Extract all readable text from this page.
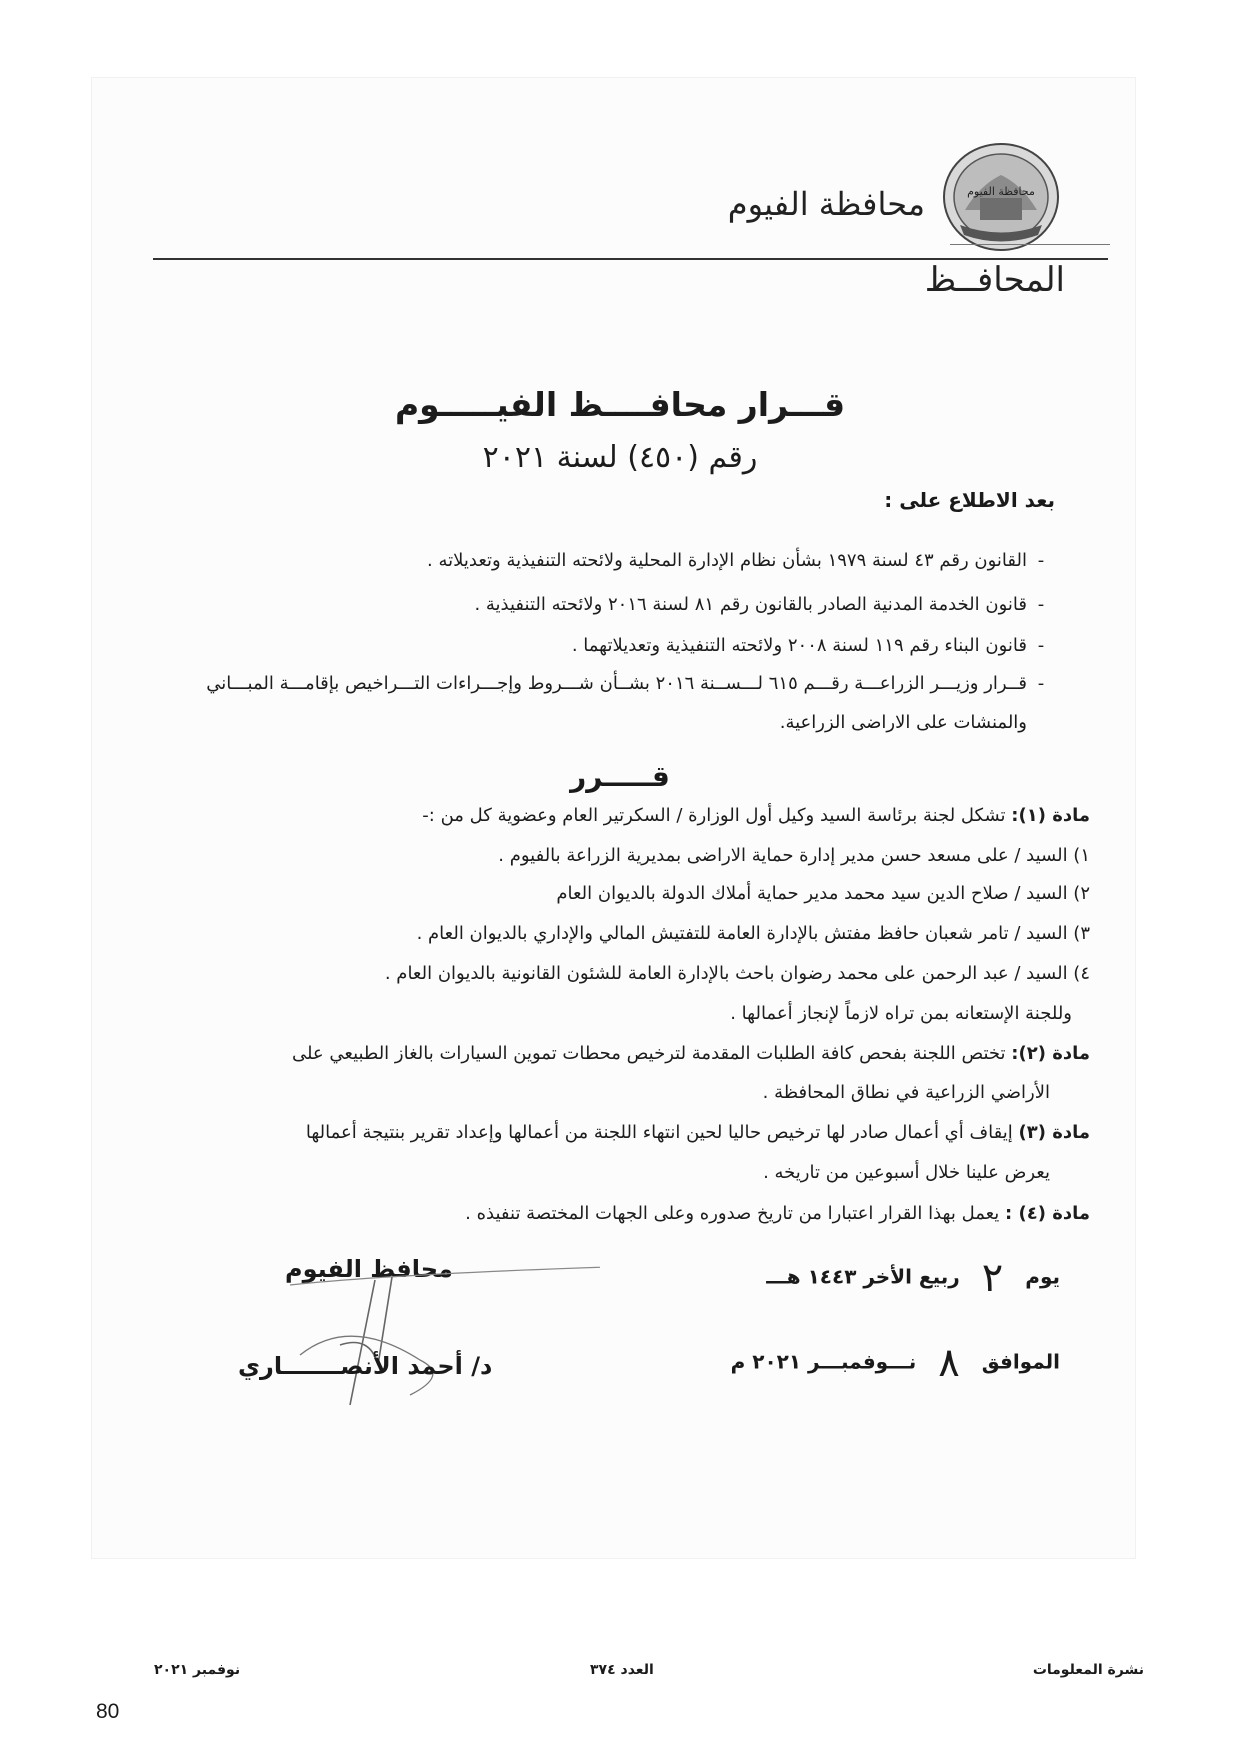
محافظة الفيوم
محافظة الفيوم
المحافــظ
قـــرار محافــــظ الفيـــــوم
رقم (٤٥٠) لسنة ٢٠٢١
بعد الاطلاع على :
-القانون رقم ٤٣ لسنة ١٩٧٩ بشأن نظام الإدارة المحلية ولائحته التنفيذية وتعديلاته .
-قانون الخدمة المدنية الصادر بالقانون رقم ٨١ لسنة ٢٠١٦ ولائحته التنفيذية .
-قانون البناء رقم ١١٩ لسنة ٢٠٠٨ ولائحته التنفيذية وتعديلاتهما .
-قــرار وزيـــر الزراعـــة رقـــم ٦١٥ لـــســنة ٢٠١٦ بشــأن شـــروط وإجـــراءات التـــراخيص بإقامـــة المبـــاني
والمنشات على الاراضى الزراعية.
قـــــرر
مادة (١): تشكل لجنة برئاسة السيد وكيل أول الوزارة / السكرتير العام وعضوية كل من :-
١) السيد / على مسعد حسن مدير إدارة حماية الاراضى بمديرية الزراعة بالفيوم .
٢) السيد / صلاح الدين سيد محمد مدير حماية أملاك الدولة بالديوان العام
٣) السيد / تامر شعبان حافظ مفتش بالإدارة العامة للتفتيش المالي والإداري بالديوان العام .
٤) السيد / عبد الرحمن على محمد رضوان باحث بالإدارة العامة للشئون القانونية بالديوان العام .
وللجنة الإستعانه بمن تراه لازماً لإنجاز أعمالها .
مادة (٢): تختص اللجنة بفحص كافة الطلبات المقدمة لترخيص محطات تموين السيارات بالغاز الطبيعي على
الأراضي الزراعية في نطاق المحافظة .
مادة (٣) إيقاف أي أعمال صادر لها ترخيص حاليا لحين انتهاء اللجنة من أعمالها وإعداد تقرير بنتيجة أعمالها
يعرض علينا خلال أسبوعين من تاريخه .
مادة (٤) : يعمل بهذا القرار اعتبارا من تاريخ صدوره وعلى الجهات المختصة تنفيذه .
يوم٢ربيع الأخر ١٤٤٣ هـــ
الموافق٨نـــوفمبـــر ٢٠٢١ م
محافظ الفيوم
د/ أحمد الأنصـــــــاري
نشرة المعلومات
العدد ٣٧٤
نوفمبر ٢٠٢١
80
